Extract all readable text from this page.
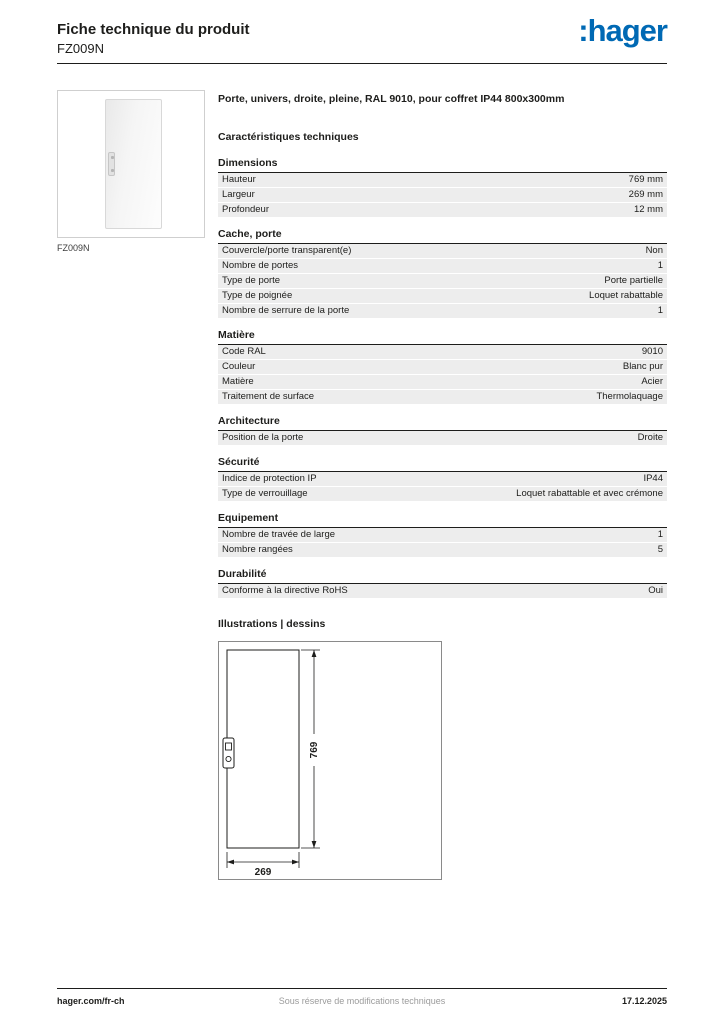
Fiche technique du produit
FZ009N
:hager
FZ009N
Porte, univers, droite, pleine, RAL 9010, pour coffret IP44 800x300mm
Caractéristiques techniques
Dimensions
Hauteur	769 mm
Largeur	269 mm
Profondeur	12 mm
Cache, porte
Couvercle/porte transparent(e)	Non
Nombre de portes	1
Type de porte	Porte partielle
Type de poignée	Loquet rabattable
Nombre de serrure de la porte	1
Matière
Code RAL	9010
Couleur	Blanc pur
Matière	Acier
Traitement de surface	Thermolaquage
Architecture
Position de la porte	Droite
Sécurité
Indice de protection IP	IP44
Type de verrouillage	Loquet rabattable et avec crémone
Equipement
Nombre de travée de large	1
Nombre rangées	5
Durabilité
Conforme à la directive RoHS	Oui
Illustrations | dessins
769
269
hager.com/fr-ch	Sous réserve de modifications techniques	17.12.2025
